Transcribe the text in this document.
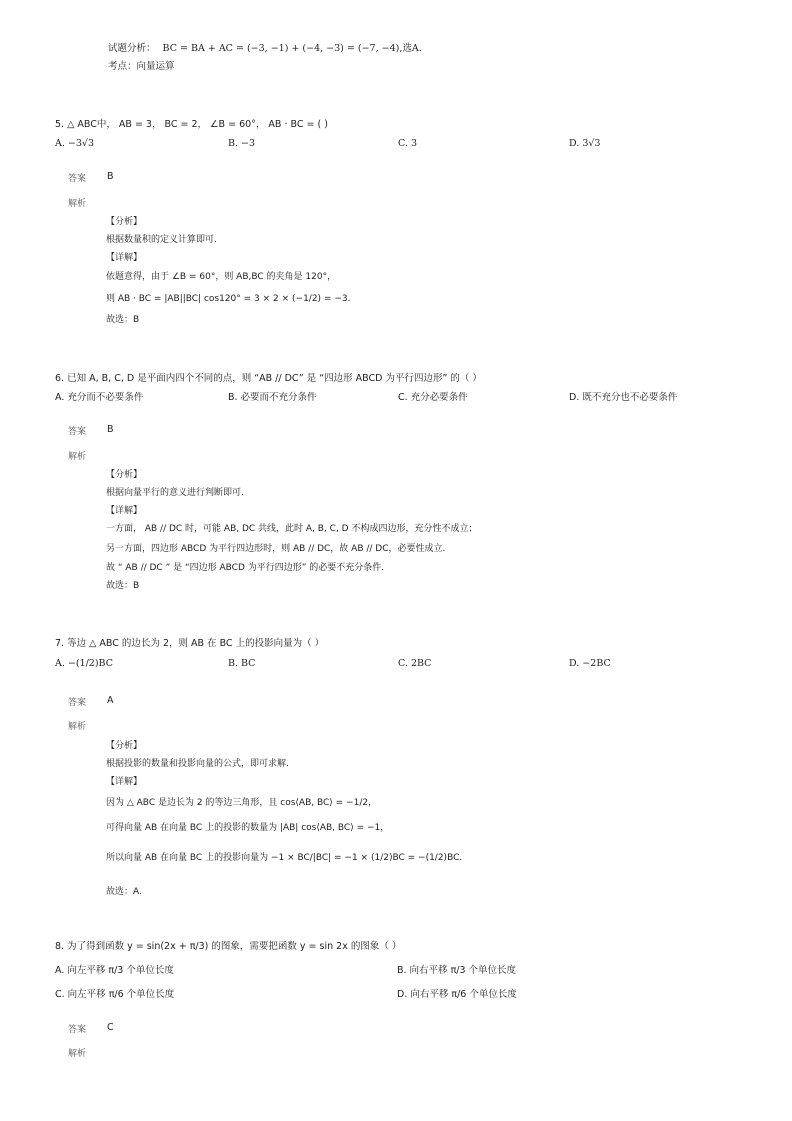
试题分析： BC = BA + AC = (−3, −1) + (−4, −3) = (−7, −4),选A.
考点：向量运算
5. △ ABC中， AB = 3， BC = 2， ∠B = 60°， AB · BC = ( )
A. −3√3	B. −3	C. 3	D. 3√3
答案 B
解析
【分析】
根据数量积的定义计算即可.
【详解】
依题意得，由于 ∠B = 60°，则 AB,BC 的夹角是 120°，
则 AB · BC = |AB||BC| cos120° = 3 × 2 × (−1/2) = −3.
故选：B
6. 已知 A, B, C, D 是平面内四个不同的点，则 “AB // DC” 是 “四边形 ABCD 为平行四边形” 的（ ）
A. 充分而不必要条件	B. 必要而不充分条件	C. 充分必要条件	D. 既不充分也不必要条件
答案 B
解析
【分析】
根据向量平行的意义进行判断即可.
【详解】
一方面， AB // DC 时，可能 AB, DC 共线，此时 A, B, C, D 不构成四边形，充分性不成立；
另一方面，四边形 ABCD 为平行四边形时，则 AB // DC，故 AB // DC，必要性成立.
故 “ AB // DC ” 是 “四边形 ABCD 为平行四边形” 的必要不充分条件.
故选：B
7. 等边 △ ABC 的边长为 2，则 AB 在 BC 上的投影向量为（ ）
A. −(1/2)BC	B. BC	C. 2BC	D. −2BC
答案 A
解析
【分析】
根据投影的数量和投影向量的公式，即可求解.
【详解】
因为 △ ABC 是边长为 2 的等边三角形，且 cos⟨AB, BC⟩ = −1/2，
可得向量 AB 在向量 BC 上的投影的数量为 |AB| cos⟨AB, BC⟩ = −1，
所以向量 AB 在向量 BC 上的投影向量为 −1 × BC/|BC| = −1 × (1/2)BC = −(1/2)BC.
故选：A.
8. 为了得到函数 y = sin(2x + π/3) 的图象，需要把函数 y = sin 2x 的图象（ ）
A. 向左平移 π/3 个单位长度	B. 向右平移 π/3 个单位长度
C. 向左平移 π/6 个单位长度	D. 向右平移 π/6 个单位长度
答案 C
解析
